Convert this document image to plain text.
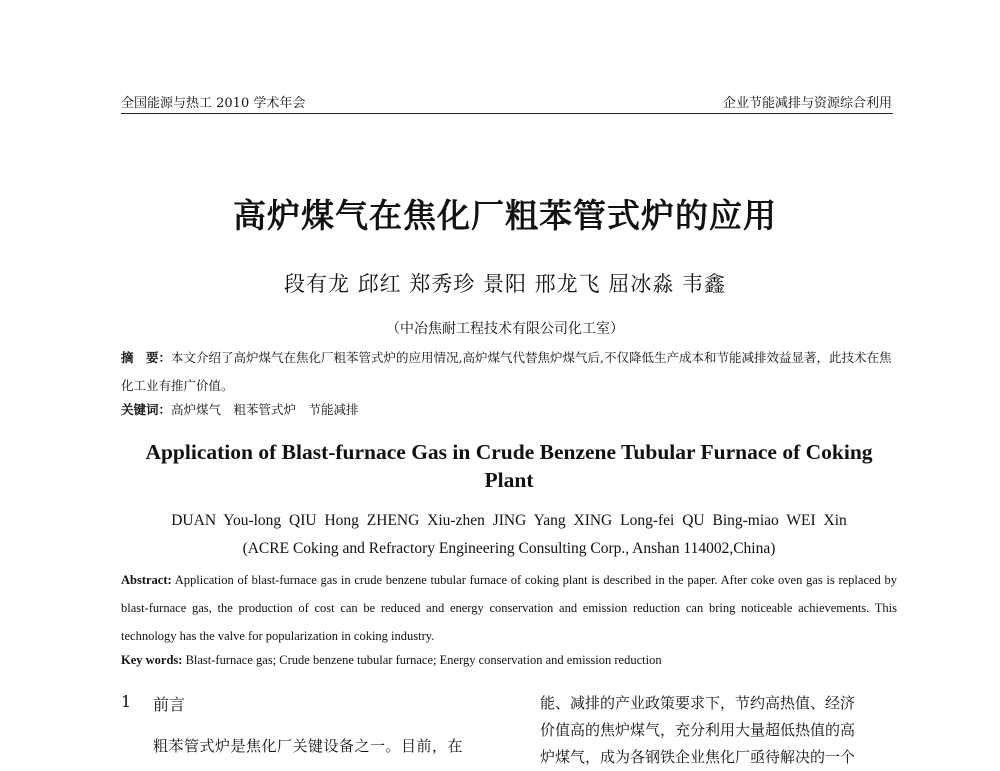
全国能源与热工 2010 学术年会	企业节能减排与资源综合利用
高炉煤气在焦化厂粗苯管式炉的应用
段有龙 邱红 郑秀珍 景阳 邢龙飞 屈冰淼 韦鑫
（中冶焦耐工程技术有限公司化工室）
摘　要：本文介绍了高炉煤气在焦化厂粗苯管式炉的应用情况,高炉煤气代替焦炉煤气后,不仅降低生产成本和节能减排效益显著，此技术在焦化工业有推广价值。
关键词：高炉煤气　粗苯管式炉　节能减排
Application of Blast-furnace Gas in Crude Benzene Tubular Furnace of Coking Plant
DUAN You-long QIU Hong ZHENG Xiu-zhen JING Yang XING Long-fei QU Bing-miao WEI Xin
(ACRE Coking and Refractory Engineering Consulting Corp., Anshan 114002,China)
Abstract: Application of blast-furnace gas in crude benzene tubular furnace of coking plant is described in the paper. After coke oven gas is replaced by blast-furnace gas, the production of cost can be reduced and energy conservation and emission reduction can bring noticeable achievements. This technology has the valve for popularization in coking industry.
Key words: Blast-furnace gas; Crude benzene tubular furnace; Energy conservation and emission reduction
1 前言
粗苯管式炉是焦化厂关键设备之一。目前，在
能、减排的产业政策要求下，节约高热值、经济
价值高的焦炉煤气，充分利用大量超低热值的高
炉煤气，成为各钢铁企业焦化厂亟待解决的一个
